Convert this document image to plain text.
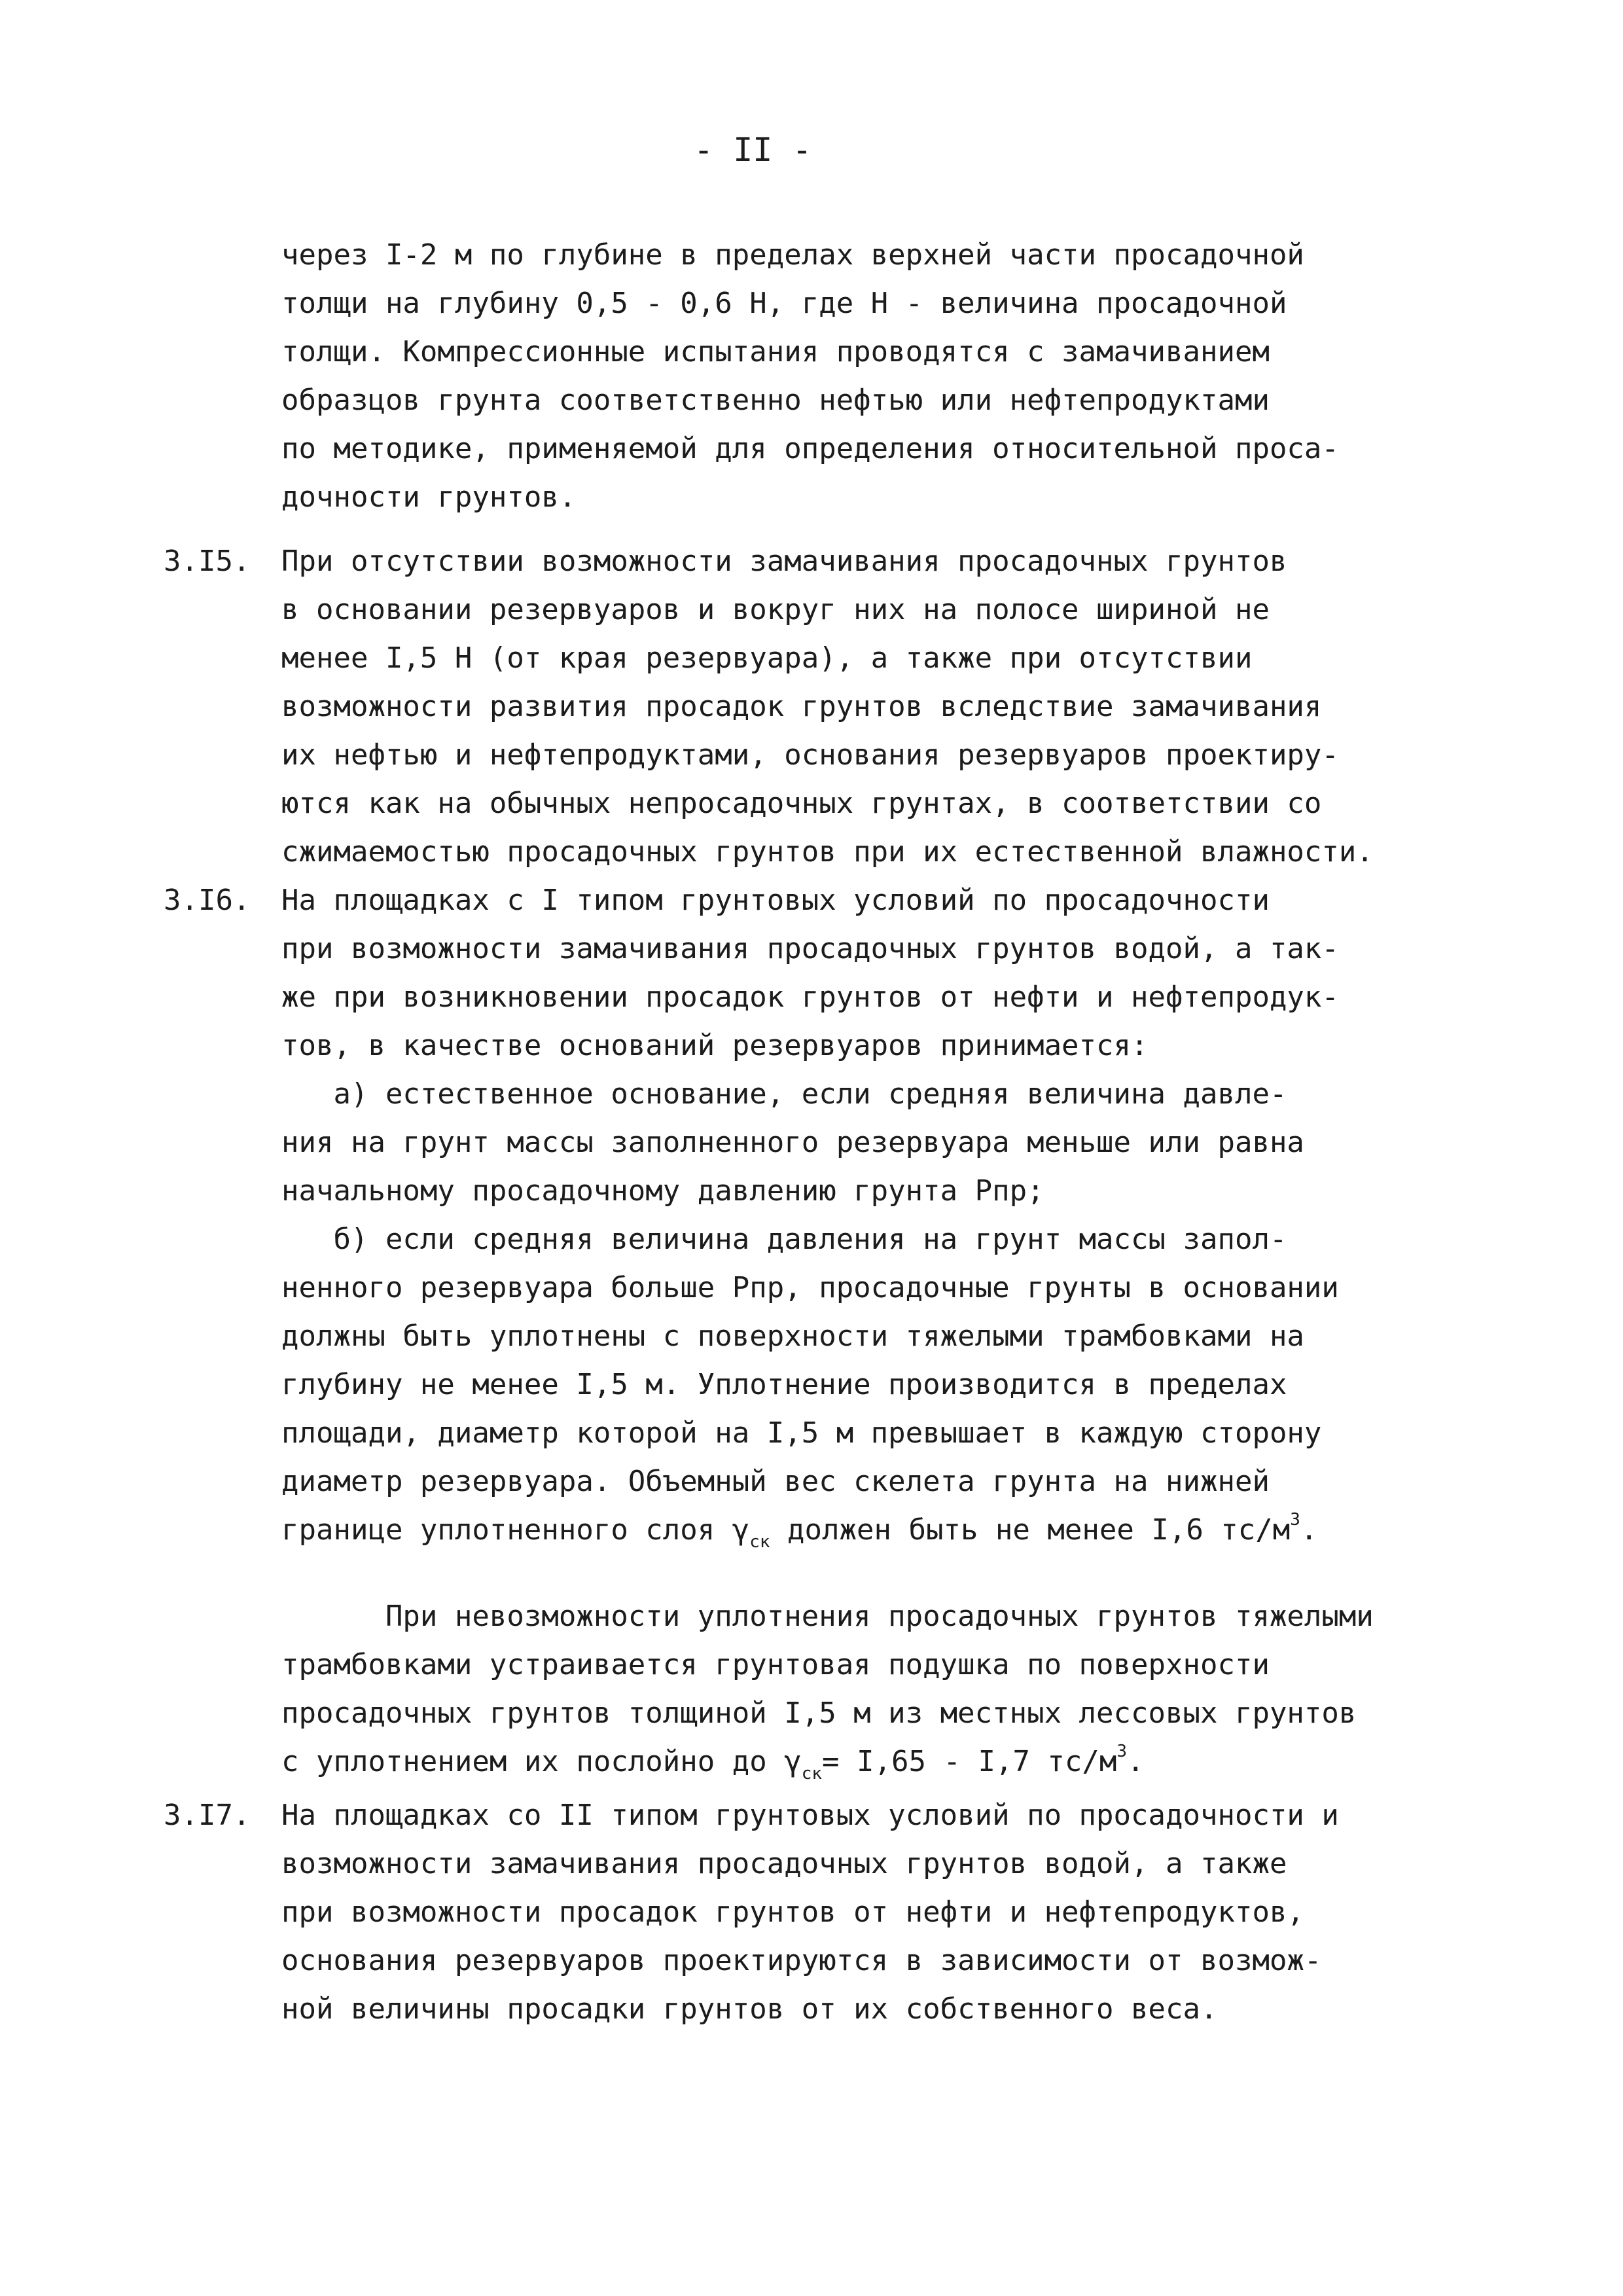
- II -
через I-2 м по глубине в пределах верхней части просадочной
толщи на глубину 0,5 - 0,6 Н, где Н - величина просадочной
толщи. Компрессионные испытания проводятся с замачиванием
образцов грунта соответственно нефтью или нефтепродуктами
по методике, применяемой для определения относительной проса-
дочности грунтов.
3.I5. При отсутствии возможности замачивания просадочных грунтов
в основании резервуаров и вокруг них на полосе шириной не
менее I,5 Н (от края резервуара), а также при отсутствии
возможности развития просадок грунтов вследствие замачивания
их нефтью и нефтепродуктами, основания резервуаров проектиру-
ются как на обычных непросадочных грунтах, в соответствии со
сжимаемостью просадочных грунтов при их естественной влажности.
3.I6. На площадках с I типом грунтовых условий по просадочности
при возможности замачивания просадочных грунтов водой, а так-
же при возникновении просадок грунтов от нефти и нефтепродук-
тов, в качестве оснований резервуаров принимается:
а) естественное основание, если средняя величина давле-
ния на грунт массы заполненного резервуара меньше или равна
начальному просадочному давлению грунта Рпр;
б) если средняя величина давления на грунт массы запол-
ненного резервуара больше Рпр, просадочные грунты в основании
должны быть уплотнены с поверхности тяжелыми трамбовками на
глубину не менее I,5 м. Уплотнение производится в пределах
площади, диаметр которой на I,5 м превышает в каждую сторону
диаметр резервуара. Объемный вес скелета грунта на нижней
границе уплотненного слоя $\gamma_{ск}$ должен быть не менее I,6 $тс/м^3$.
При невозможности уплотнения просадочных грунтов тяжелыми
трамбовками устраивается грунтовая подушка по поверхности
просадочных грунтов толщиной I,5 м из местных лессовых грунтов
с уплотнением их послойно до $\gamma_{ск}= I,65 - I,7$ $тс/м^3$.
3.I7. На площадках со II типом грунтовых условий по просадочности и
возможности замачивания просадочных грунтов водой, а также
при возможности просадок грунтов от нефти и нефтепродуктов,
основания резервуаров проектируются в зависимости от возмож-
ной величины просадки грунтов от их собственного веса.
